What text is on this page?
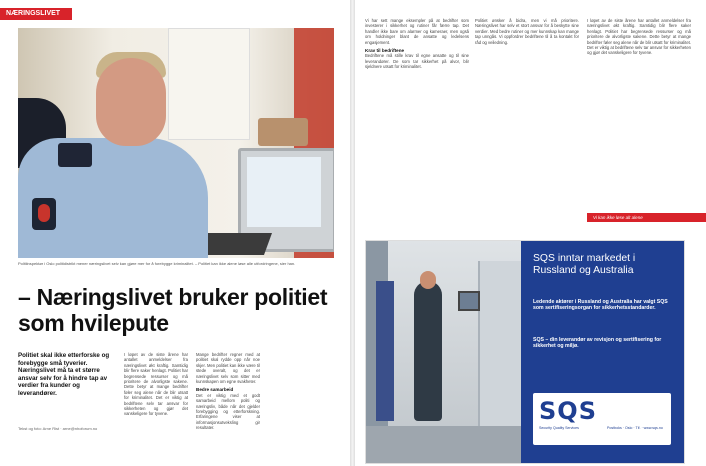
NÆRINGSLIVET
Politiinspektør i Oslo politidistrikt mener næringslivet selv kan gjøre mer for å forebygge kriminalitet. – Politiet kan ikke alene løse alle utfordringene, sier han.
– Næringslivet bruker politiet som hvilepute
Politiet skal ikke etterforske og forebygge små tyverier. Næringslivet må ta et større ansvar selv for å hindre tap av verdier fra kunder og leverandører.
Tekst og foto: Arne Rist · arne@nhoforum.no
I løpet av de siste årene har antallet anmeldelser fra næringslivet økt kraftig. Samtidig blir flere saker henlagt. Politiet har begrensede ressurser og må prioritere de alvorligste sakene. Dette betyr at mange bedrifter føler seg alene når de blir utsatt for kriminalitet. Det er viktig at bedriftene selv tar ansvar for sikkerheten og gjør det vanskeligere for tyvene.
Mange bedrifter regner med at politiet skal rydde opp når noe skjer. Men politiet kan ikke være til stede overalt, og det er næringslivet selv som sitter med kunnskapen om egne svakheter.
Bedre samarbeid
Det er viktig med et godt samarbeid mellom politi og næringsliv, både når det gjelder forebygging og etterforskning. Erfaringene viser at informasjonsutveksling gir resultater.
Vi har sett mange eksempler på at bedrifter som investerer i sikkerhet og rutiner får færre tap. Det handler ikke bare om alarmer og kameraer, men også om holdninger blant de ansatte og ledelsens engasjement.
Krav til bedriftene
Bedriftene må stille krav til egne ansatte og til sine leverandører. De som tar sikkerhet på alvor, blir sjeldnere utsatt for kriminalitet.
Politiet ønsker å bidra, men vi må prioritere. Næringslivet har selv et stort ansvar for å beskytte sine verdier. Med bedre rutiner og mer kunnskap kan mange tap unngås. Vi oppfordrer bedriftene til å ta kontakt for råd og veiledning.
I løpet av de siste årene har antallet anmeldelser fra næringslivet økt kraftig. Samtidig blir flere saker henlagt. Politiet har begrensede ressurser og må prioritere de alvorligste sakene. Dette betyr at mange bedrifter føler seg alene når de blir utsatt for kriminalitet. Det er viktig at bedriftene selv tar ansvar for sikkerheten og gjør det vanskeligere for tyvene.
Vi kan ikke løse alt alene
SQS inntar markedet i Russland og Australia
Ledende aktører i Russland og Australia har valgt SQS som sertifiseringsorgan for sikkerhetsstandarder.
SQS – din leverandør av revisjon og sertifisering for sikkerhet og miljø.
SQS
Security Quality Services	Postboks · Oslo · Tlf. · www.sqs.no
